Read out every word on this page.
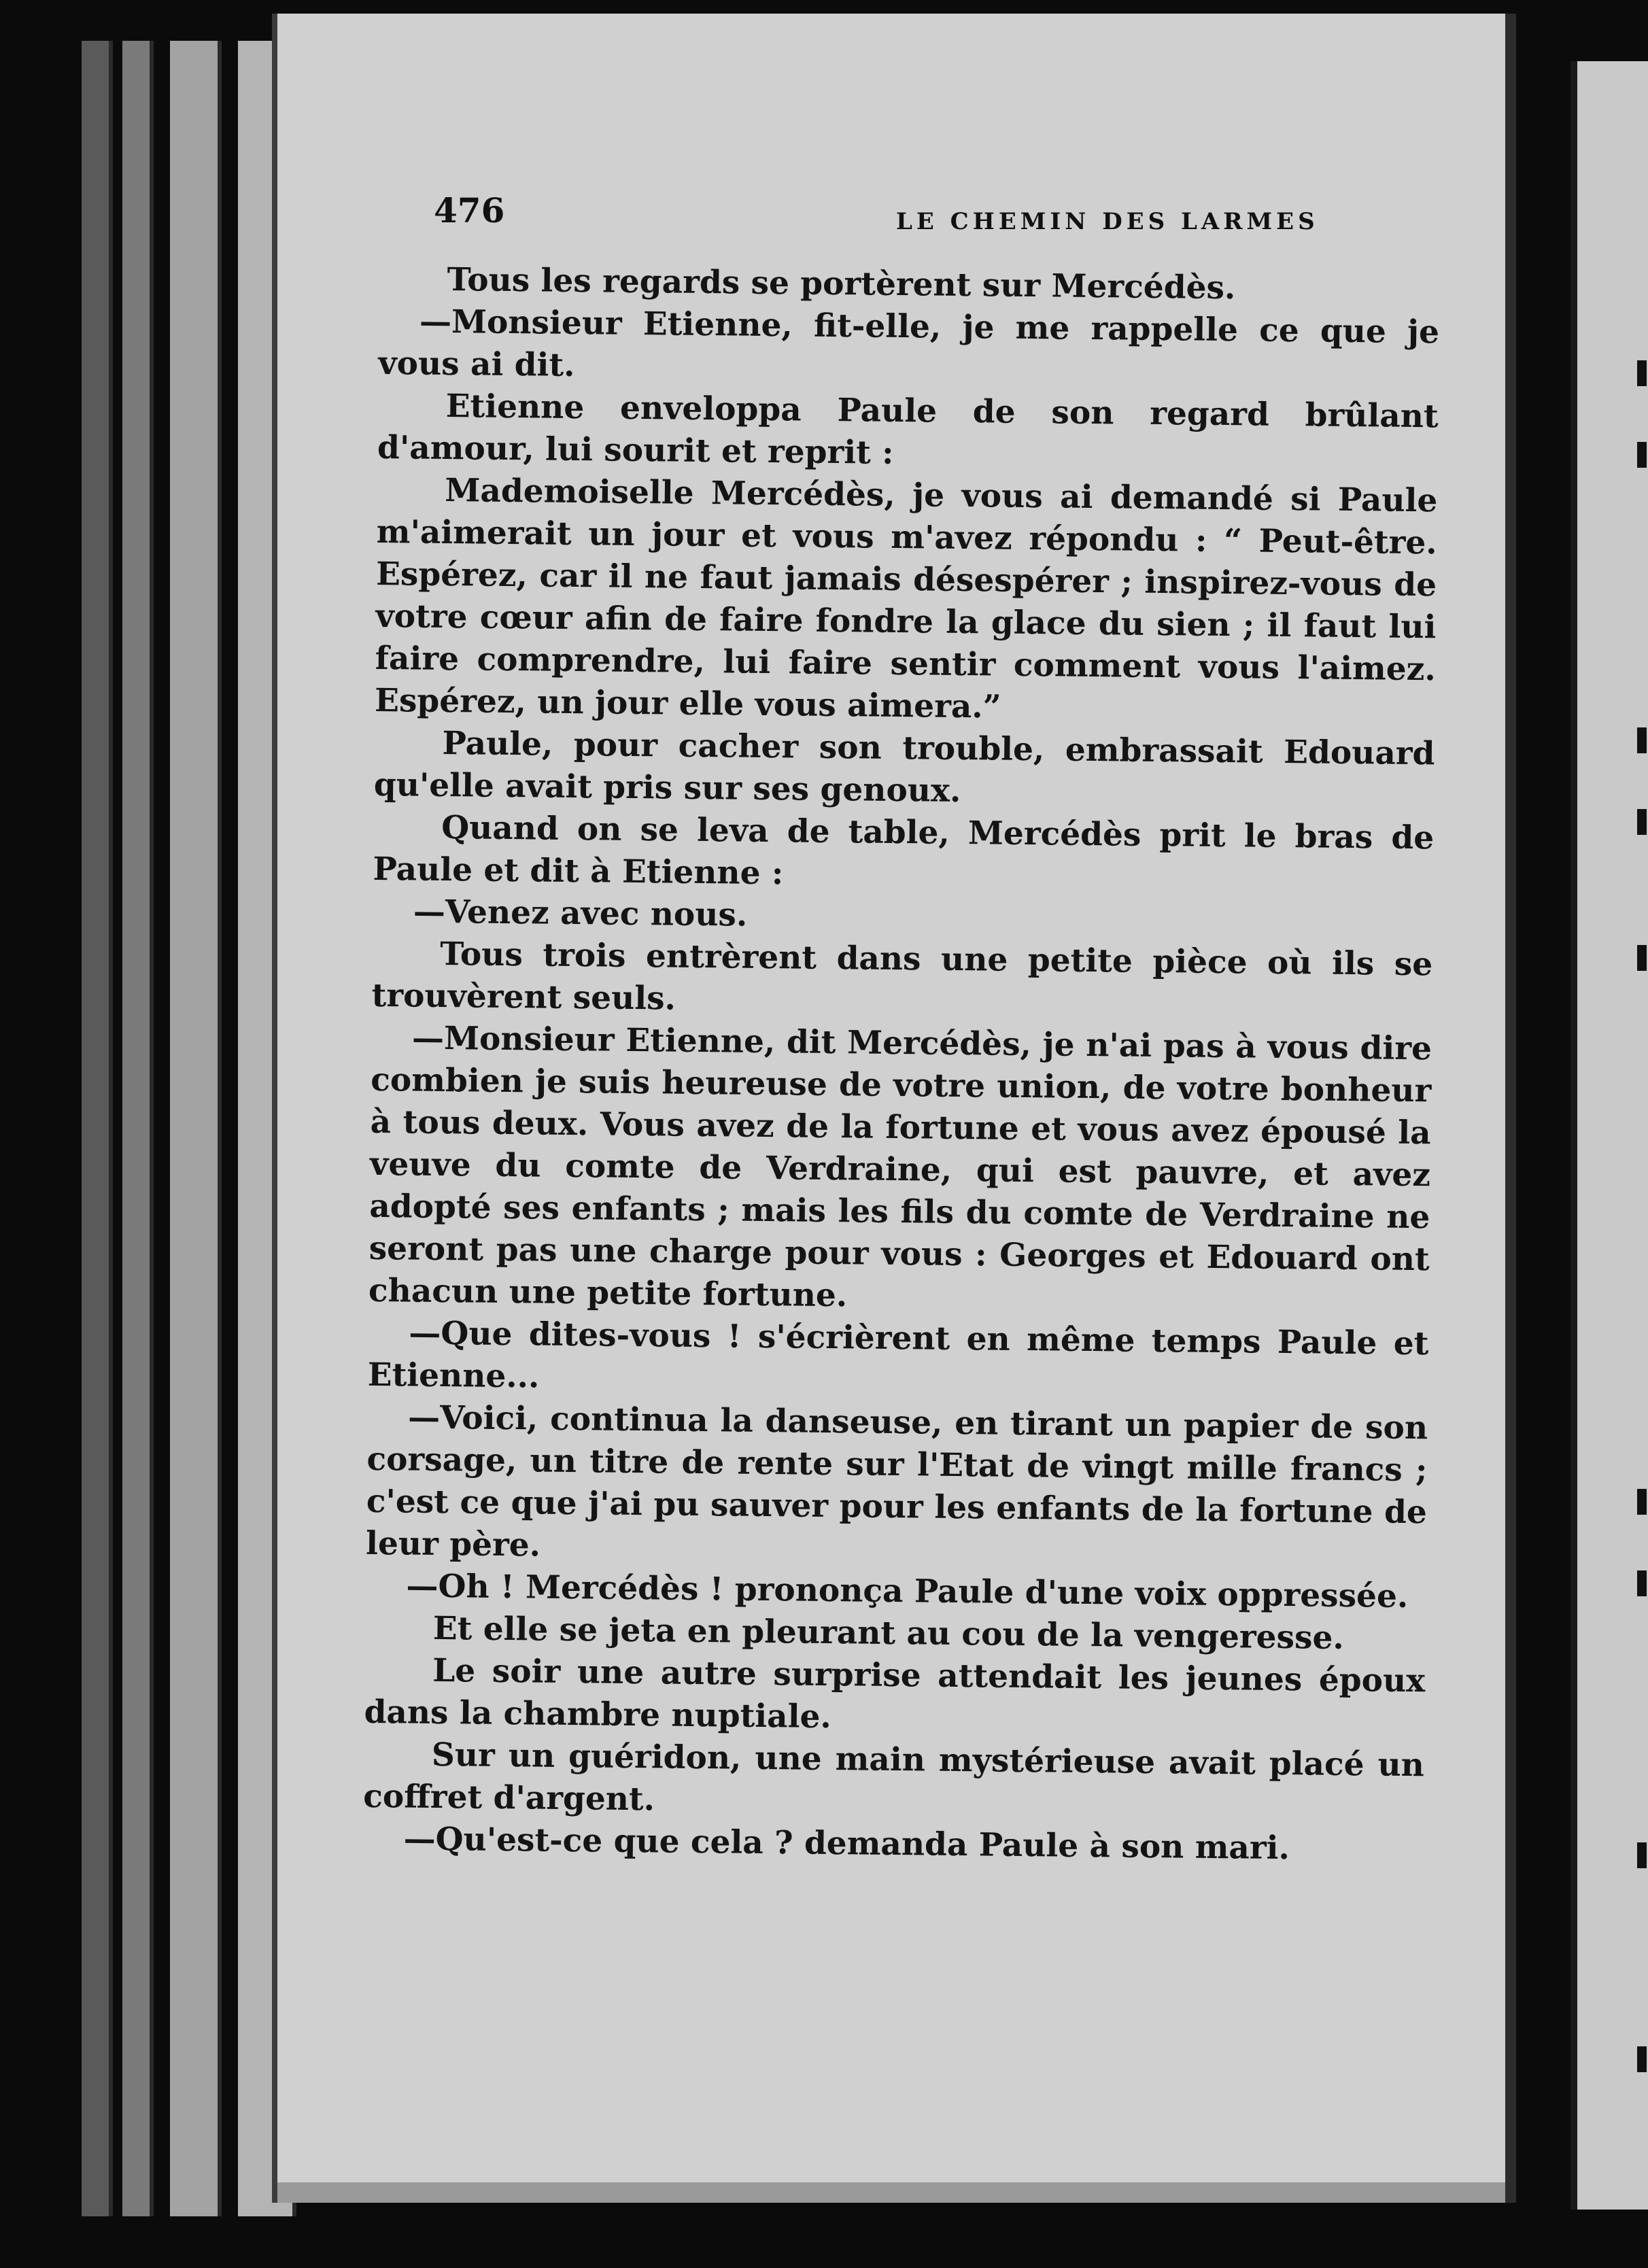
476	LE CHEMIN DES LARMES

Tous les regards se portèrent sur Mercédès.

—Monsieur Etienne, fit-elle, je me rappelle ce que je vous ai dit.

Etienne enveloppa Paule de son regard brûlant d'amour, lui sourit et reprit :

Mademoiselle Mercédès, je vous ai demandé si Paule m'aimerait un jour et vous m'avez répondu : “ Peut-être. Espérez, car il ne faut jamais désespérer ; inspirez-vous de votre cœur afin de faire fondre la glace du sien ; il faut lui faire comprendre, lui faire sentir comment vous l'aimez. Espérez, un jour elle vous aimera.”

Paule, pour cacher son trouble, embrassait Edouard qu'elle avait pris sur ses genoux.

Quand on se leva de table, Mercédès prit le bras de Paule et dit à Etienne :

—Venez avec nous.

Tous trois entrèrent dans une petite pièce où ils se trouvèrent seuls.

—Monsieur Etienne, dit Mercédès, je n'ai pas à vous dire combien je suis heureuse de votre union, de votre bonheur à tous deux. Vous avez de la fortune et vous avez épousé la veuve du comte de Verdraine, qui est pauvre, et avez adopté ses enfants ; mais les fils du comte de Verdraine ne seront pas une charge pour vous : Georges et Edouard ont chacun une petite fortune.

—Que dites-vous ! s'écrièrent en même temps Paule et Etienne...

—Voici, continua la danseuse, en tirant un papier de son corsage, un titre de rente sur l'Etat de vingt mille francs ; c'est ce que j'ai pu sauver pour les enfants de la fortune de leur père.

—Oh ! Mercédès ! prononça Paule d'une voix oppressée.

Et elle se jeta en pleurant au cou de la vengeresse.

Le soir une autre surprise attendait les jeunes époux dans la chambre nuptiale.

Sur un guéridon, une main mystérieuse avait placé un coffret d'argent.

—Qu'est-ce que cela ? demanda Paule à son mari.
